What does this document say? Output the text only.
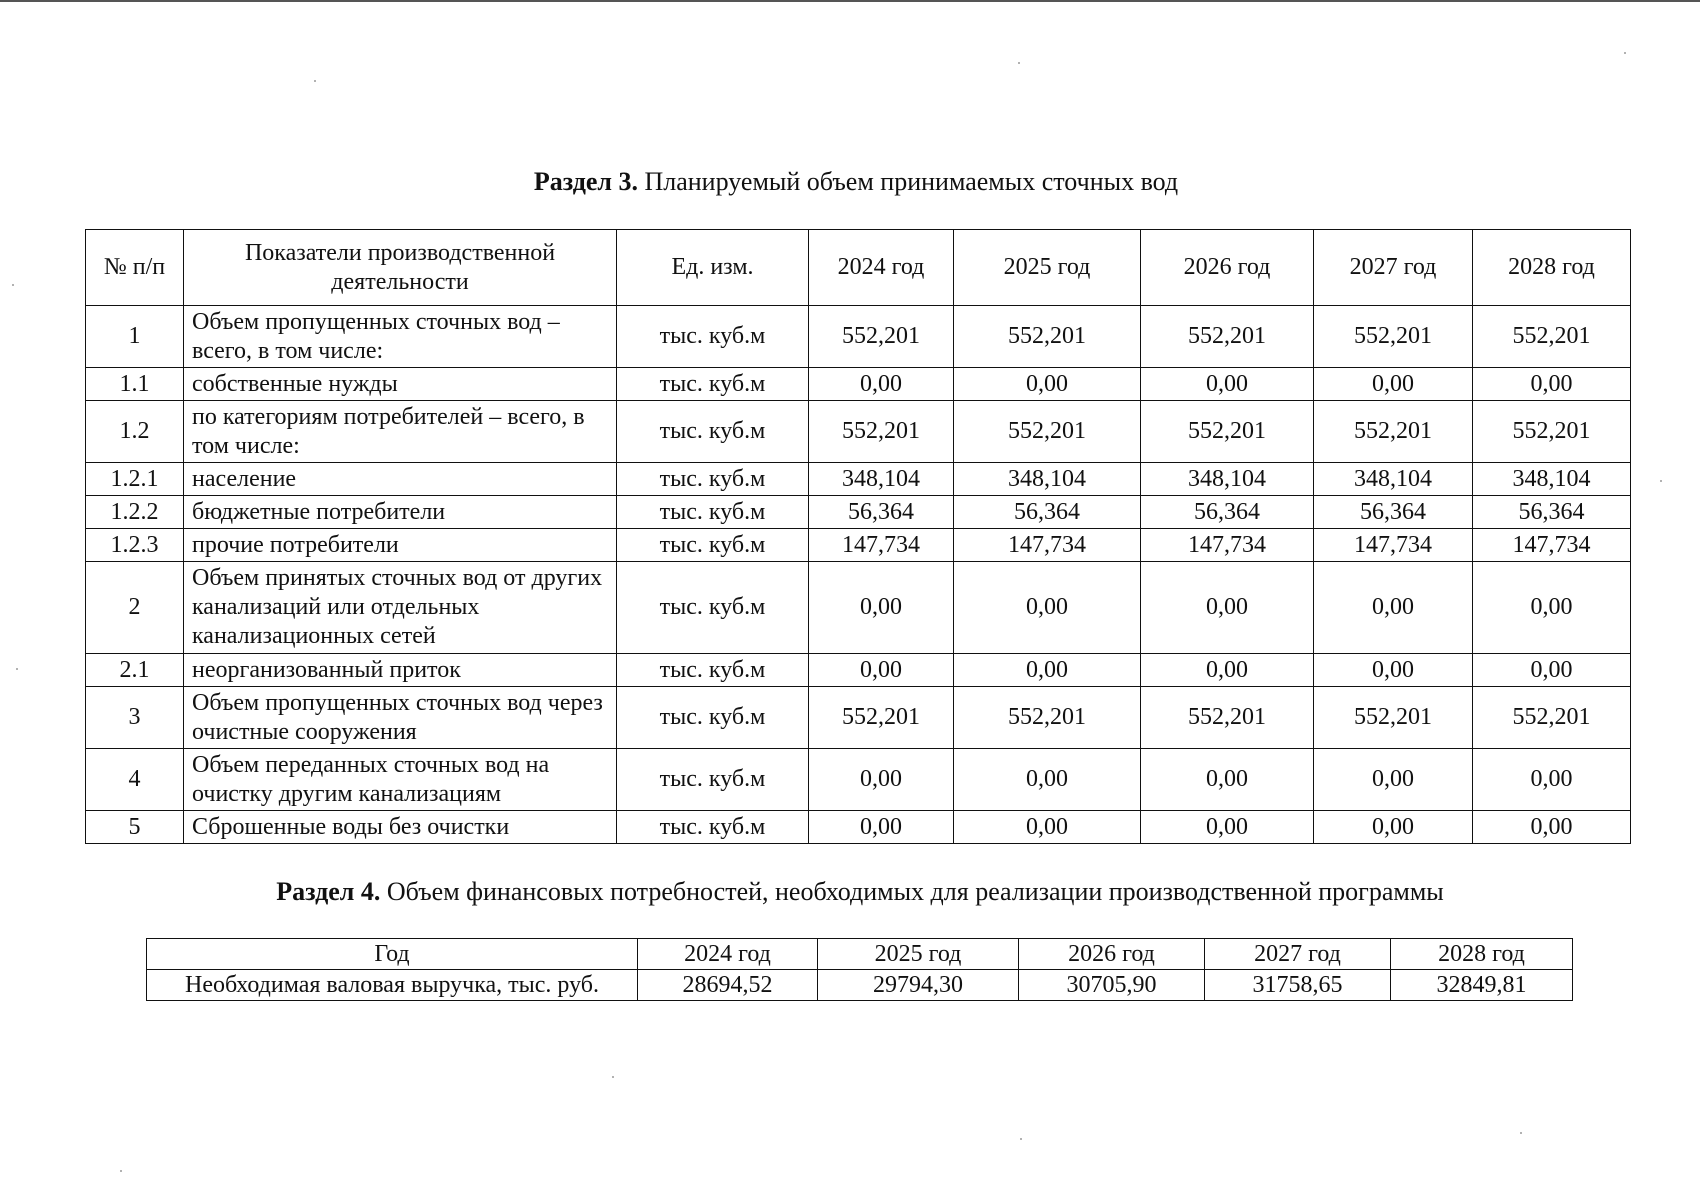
Раздел 3. Планируемый объем принимаемых сточных вод
№ п/п	Показатели производственной деятельности	Ед. изм.	2024 год	2025 год	2026 год	2027 год	2028 год
1	Объем пропущенных сточных вод – всего, в том числе:	тыс. куб.м	552,201	552,201	552,201	552,201	552,201
1.1	собственные нужды	тыс. куб.м	0,00	0,00	0,00	0,00	0,00
1.2	по категориям потребителей – всего, в том числе:	тыс. куб.м	552,201	552,201	552,201	552,201	552,201
1.2.1	население	тыс. куб.м	348,104	348,104	348,104	348,104	348,104
1.2.2	бюджетные потребители	тыс. куб.м	56,364	56,364	56,364	56,364	56,364
1.2.3	прочие потребители	тыс. куб.м	147,734	147,734	147,734	147,734	147,734
2	Объем принятых сточных вод от других канализаций или отдельных канализационных сетей	тыс. куб.м	0,00	0,00	0,00	0,00	0,00
2.1	неорганизованный приток	тыс. куб.м	0,00	0,00	0,00	0,00	0,00
3	Объем пропущенных сточных вод через очистные сооружения	тыс. куб.м	552,201	552,201	552,201	552,201	552,201
4	Объем переданных сточных вод на очистку другим канализациям	тыс. куб.м	0,00	0,00	0,00	0,00	0,00
5	Сброшенные воды без очистки	тыс. куб.м	0,00	0,00	0,00	0,00	0,00
Раздел 4. Объем финансовых потребностей, необходимых для реализации производственной программы
Год	2024 год	2025 год	2026 год	2027 год	2028 год
Необходимая валовая выручка, тыс. руб.	28694,52	29794,30	30705,90	31758,65	32849,81
